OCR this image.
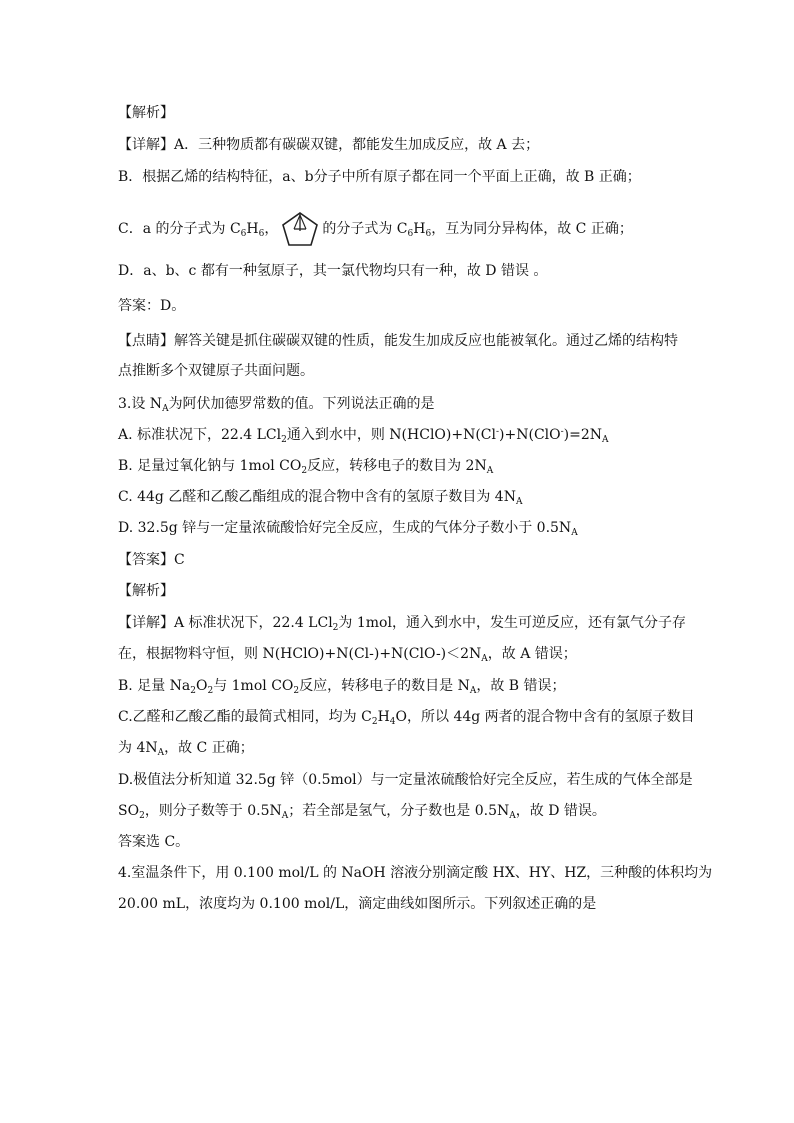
【解析】
【详解】A．三种物质都有碳碳双键，都能发生加成反应，故 A 去；
B．根据乙烯的结构特征，a、b分子中所有原子都在同一个平面上正确，故 B 正确；
C．a 的分子式为 $C_6H_6$，	的分子式为 $C_6H_6$，互为同分异构体，故 C 正确；
D．a、b、c 都有一种氢原子，其一氯代物均只有一种，故 D 错误 。
答案：D。
【点睛】解答关键是抓住碳碳双键的性质，能发生加成反应也能被氧化。通过乙烯的结构特
点推断多个双键原子共面问题。
3.设 $N_A$为阿伏加德罗常数的值。下列说法正确的是
A. 标准状况下，22.4 LCl$_2$通入到水中，则 $N(HClO)+N(Cl^-)+N(ClO^-)=2N_A$
B. 足量过氧化钠与 1mol $CO_2$反应，转移电子的数目为 $2N_A$
C. 44g 乙醛和乙酸乙酯组成的混合物中含有的氢原子数目为 $4N_A$
D. 32.5g 锌与一定量浓硫酸恰好完全反应，生成的气体分子数小于 $0.5N_A$
【答案】C
【解析】
【详解】A 标准状况下，22.4 LCl$_2$为 1mol，通入到水中，发生可逆反应，还有氯气分子存
在，根据物料守恒，则 $N(HClO)+N(Cl-)+N(ClO-)<2N_A$，故 A 错误；
B. 足量 $Na_2O_2$与 1mol $CO_2$反应，转移电子的数目是 $N_A$，故 B 错误；
C.乙醛和乙酸乙酯的最简式相同，均为 $C_2H_4O$，所以 44g 两者的混合物中含有的氢原子数目
为 $4N_A$，故 C 正确；
D.极值法分析知道 32.5g 锌（0.5mol）与一定量浓硫酸恰好完全反应，若生成的气体全部是
$SO_2$，则分子数等于 $0.5N_A$；若全部是氢气，分子数也是 $0.5N_A$，故 D 错误。
答案选 C。
4.室温条件下，用 0.100 mol/L 的 NaOH 溶液分别滴定酸 HX、HY、HZ，三种酸的体积均为
20.00 mL，浓度均为 0.100 mol/L，滴定曲线如图所示。下列叙述正确的是
